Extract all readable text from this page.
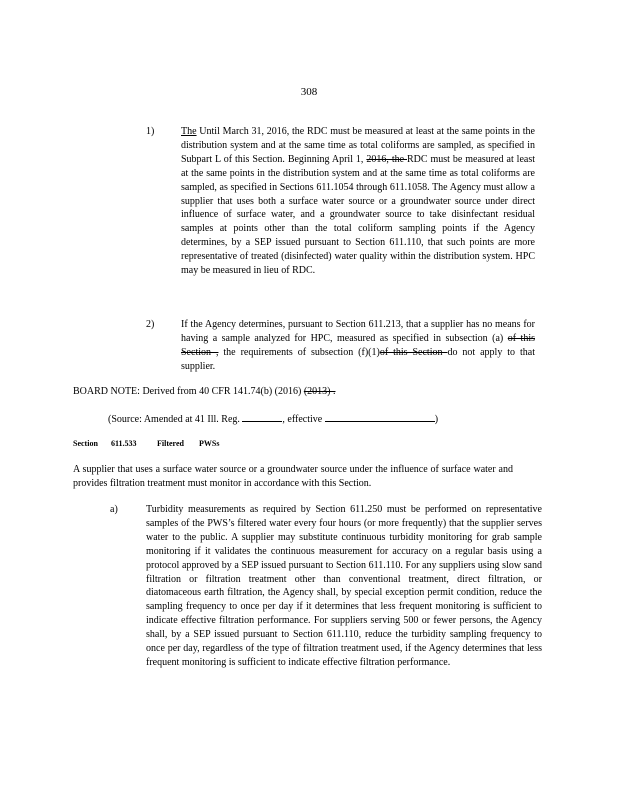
308
1)	The Until March 31, 2016, the RDC must be measured at least at the same points in the distribution system and at the same time as total coliforms are sampled, as specified in Subpart L of this Section. Beginning April 1, 2016, the RDC must be measured at least at the same points in the distribution system and at the same time as total coliforms are sampled, as specified in Sections 611.1054 through 611.1058. The Agency must allow a supplier that uses both a surface water source or a groundwater source under direct influence of surface water, and a groundwater source to take disinfectant residual samples at points other than the total coliform sampling points if the Agency determines, by a SEP issued pursuant to Section 611.110, that such points are more representative of treated (disinfected) water quality within the distribution system. HPC may be measured in lieu of RDC.
2)	If the Agency determines, pursuant to Section 611.213, that a supplier has no means for having a sample analyzed for HPC, measured as specified in subsection (a) of this Section , the requirements of subsection (f)(1)of this Section do not apply to that supplier.
BOARD NOTE: Derived from 40 CFR 141.74(b) (2016) (2013) .
(Source: Amended at 41 Ill. Reg.	, effective	)
Section 611.533	Filtered PWSs
A supplier that uses a surface water source or a groundwater source under the influence of surface water and provides filtration treatment must monitor in accordance with this Section.
a)	Turbidity measurements as required by Section 611.250 must be performed on representative samples of the PWS’s filtered water every four hours (or more frequently) that the supplier serves water to the public. A supplier may substitute continuous turbidity monitoring for grab sample monitoring if it validates the continuous measurement for accuracy on a regular basis using a protocol approved by a SEP issued pursuant to Section 611.110. For any suppliers using slow sand filtration or filtration treatment other than conventional treatment, direct filtration, or diatomaceous earth filtration, the Agency shall, by special exception permit condition, reduce the sampling frequency to once per day if it determines that less frequent monitoring is sufficient to indicate effective filtration performance. For suppliers serving 500 or fewer persons, the Agency shall, by a SEP issued pursuant to Section 611.110, reduce the turbidity sampling frequency to once per day, regardless of the type of filtration treatment used, if the Agency determines that less frequent monitoring is sufficient to indicate effective filtration performance.
